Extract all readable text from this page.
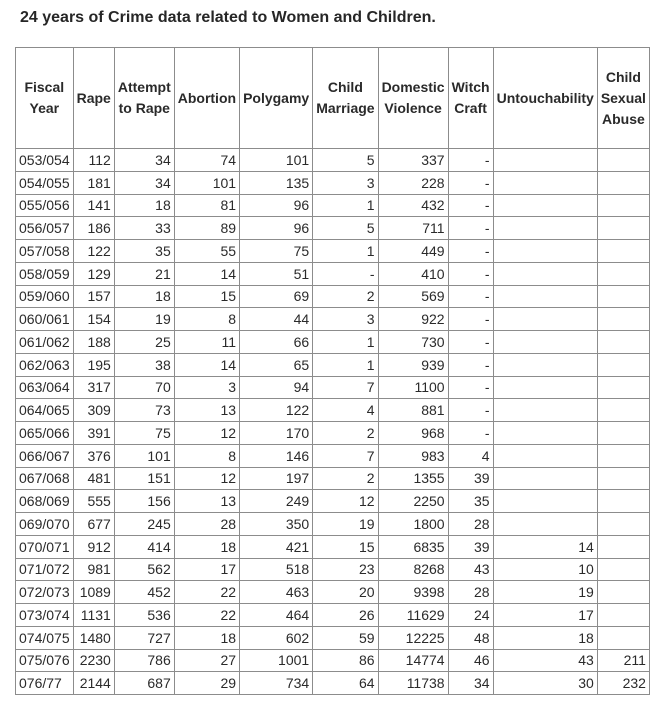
24 years of Crime data related to Women and Children.
Fiscal Year	Rape	Attempt to Rape	Abortion	Polygamy	Child Marriage	Domestic Violence	Witch Craft	Untouchability	Child Sexual Abuse
053/054	112	34	74	101	5	337	-		
054/055	181	34	101	135	3	228	-		
055/056	141	18	81	96	1	432	-		
056/057	186	33	89	96	5	711	-		
057/058	122	35	55	75	1	449	-		
058/059	129	21	14	51	-	410	-		
059/060	157	18	15	69	2	569	-		
060/061	154	19	8	44	3	922	-		
061/062	188	25	11	66	1	730	-		
062/063	195	38	14	65	1	939	-		
063/064	317	70	3	94	7	1100	-		
064/065	309	73	13	122	4	881	-		
065/066	391	75	12	170	2	968	-		
066/067	376	101	8	146	7	983	4		
067/068	481	151	12	197	2	1355	39		
068/069	555	156	13	249	12	2250	35		
069/070	677	245	28	350	19	1800	28		
070/071	912	414	18	421	15	6835	39	14	
071/072	981	562	17	518	23	8268	43	10	
072/073	1089	452	22	463	20	9398	28	19	
073/074	1131	536	22	464	26	11629	24	17	
074/075	1480	727	18	602	59	12225	48	18	
075/076	2230	786	27	1001	86	14774	46	43	211
076/77	2144	687	29	734	64	11738	34	30	232
